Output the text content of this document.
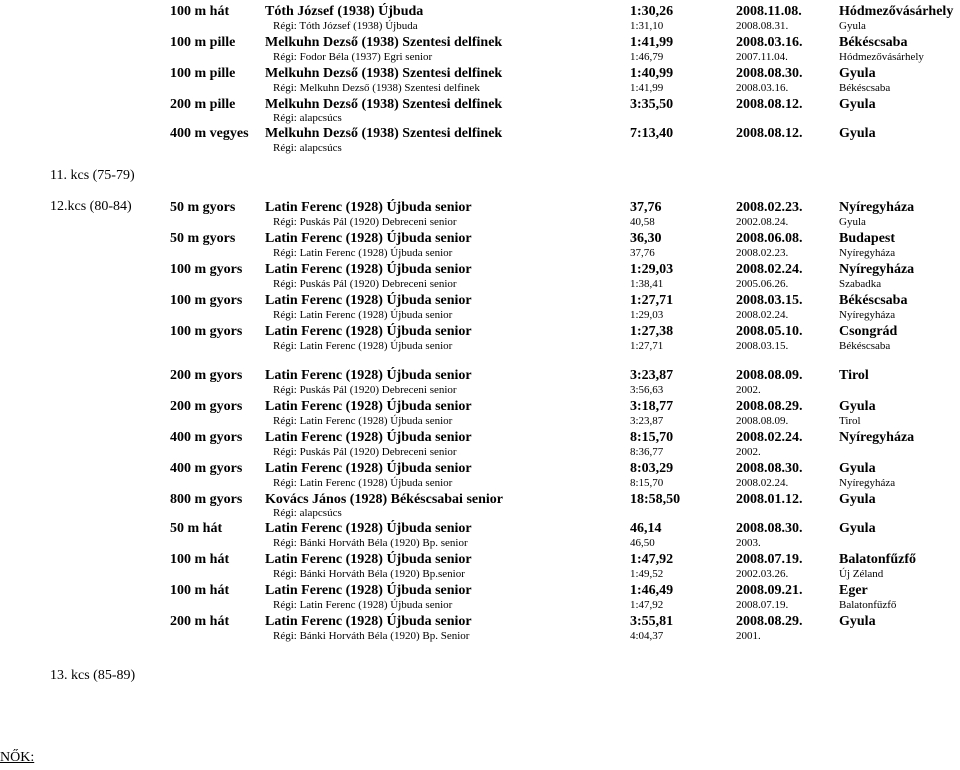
100 m hát	Tóth József (1938) Újbuda	1:30,26	2008.11.08.	Hódmezővásárhely
Régi: Tóth József (1938) Újbuda	1:31,10	2008.08.31.	Gyula
100 m pille Melkuhn Dezső (1938) Szentesi delfinek	1:41,99	2008.03.16.	Békéscsaba
Régi: Fodor Béla (1937) Egri senior	1:46,79	2007.11.04.	Hódmezővásárhely
100 m pille Melkuhn Dezső (1938) Szentesi delfinek	1:40,99	2008.08.30.	Gyula
Régi: Melkuhn Dezső (1938) Szentesi delfinek	1:41,99	2008.03.16.	Békéscsaba
200 m pille Melkuhn Dezső (1938) Szentesi delfinek	3:35,50	2008.08.12.	Gyula
Régi: alapcsúcs
400 m vegyes Melkuhn Dezső (1938) Szentesi delfinek	7:13,40	2008.08.12.	Gyula
Régi: alapcsúcs
50 m gyors Latin Ferenc (1928) Újbuda senior	37,76	2008.02.23.	Nyíregyháza
Régi: Puskás Pál (1920) Debreceni senior	40,58	2002.08.24.	Gyula
50 m gyors Latin Ferenc (1928) Újbuda senior	36,30	2008.06.08.	Budapest
Régi: Latin Ferenc (1928) Újbuda senior	37,76	2008.02.23.	Nyíregyháza
100 m gyors Latin Ferenc (1928) Újbuda senior	1:29,03	2008.02.24.	Nyíregyháza
Régi: Puskás Pál (1920) Debreceni senior	1:38,41	2005.06.26.	Szabadka
100 m gyors Latin Ferenc (1928) Újbuda senior	1:27,71	2008.03.15.	Békéscsaba
Régi: Latin Ferenc (1928) Újbuda senior	1:29,03	2008.02.24.	Nyíregyháza
100 m gyors Latin Ferenc (1928) Újbuda senior	1:27,38	2008.05.10.	Csongrád
Régi: Latin Ferenc (1928) Újbuda senior	1:27,71	2008.03.15.	Békéscsaba
200 m gyors Latin Ferenc (1928) Újbuda senior	3:23,87	2008.08.09.	Tirol
Régi: Puskás Pál (1920) Debreceni senior	3:56,63	2002.
200 m gyors Latin Ferenc (1928) Újbuda senior	3:18,77	2008.08.29.	Gyula
Régi: Latin Ferenc (1928) Újbuda senior	3:23,87	2008.08.09.	Tirol
400 m gyors Latin Ferenc (1928) Újbuda senior	8:15,70	2008.02.24.	Nyíregyháza
Régi: Puskás Pál (1920) Debreceni senior	8:36,77	2002.
400 m gyors Latin Ferenc (1928) Újbuda senior	8:03,29	2008.08.30.	Gyula
Régi: Latin Ferenc (1928) Újbuda senior	8:15,70	2008.02.24.	Nyíregyháza
800 m gyors Kovács János (1928) Békéscsabai senior	18:58,50	2008.01.12.	Gyula
Régi: alapcsúcs
50 m hát	Latin Ferenc (1928) Újbuda senior	46,14	2008.08.30.	Gyula
Régi: Bánki Horváth Béla (1920) Bp. senior	46,50	2003.
100 m hát	Latin Ferenc (1928) Újbuda senior	1:47,92	2008.07.19.	Balatonfűzfő
Régi: Bánki Horváth Béla (1920) Bp.senior	1:49,52	2002.03.26.	Új Zéland
100 m hát	Latin Ferenc (1928) Újbuda senior	1:46,49	2008.09.21.	Eger
Régi: Latin Ferenc (1928) Újbuda senior	1:47,92	2008.07.19.	Balatonfűzfő
200 m hát	Latin Ferenc (1928) Újbuda senior	3:55,81	2008.08.29.	Gyula
Régi: Bánki Horváth Béla (1920) Bp. Senior	4:04,37	2001.
11. kcs (75-79)
12.kcs (80-84)
13. kcs (85-89)
NŐK:
